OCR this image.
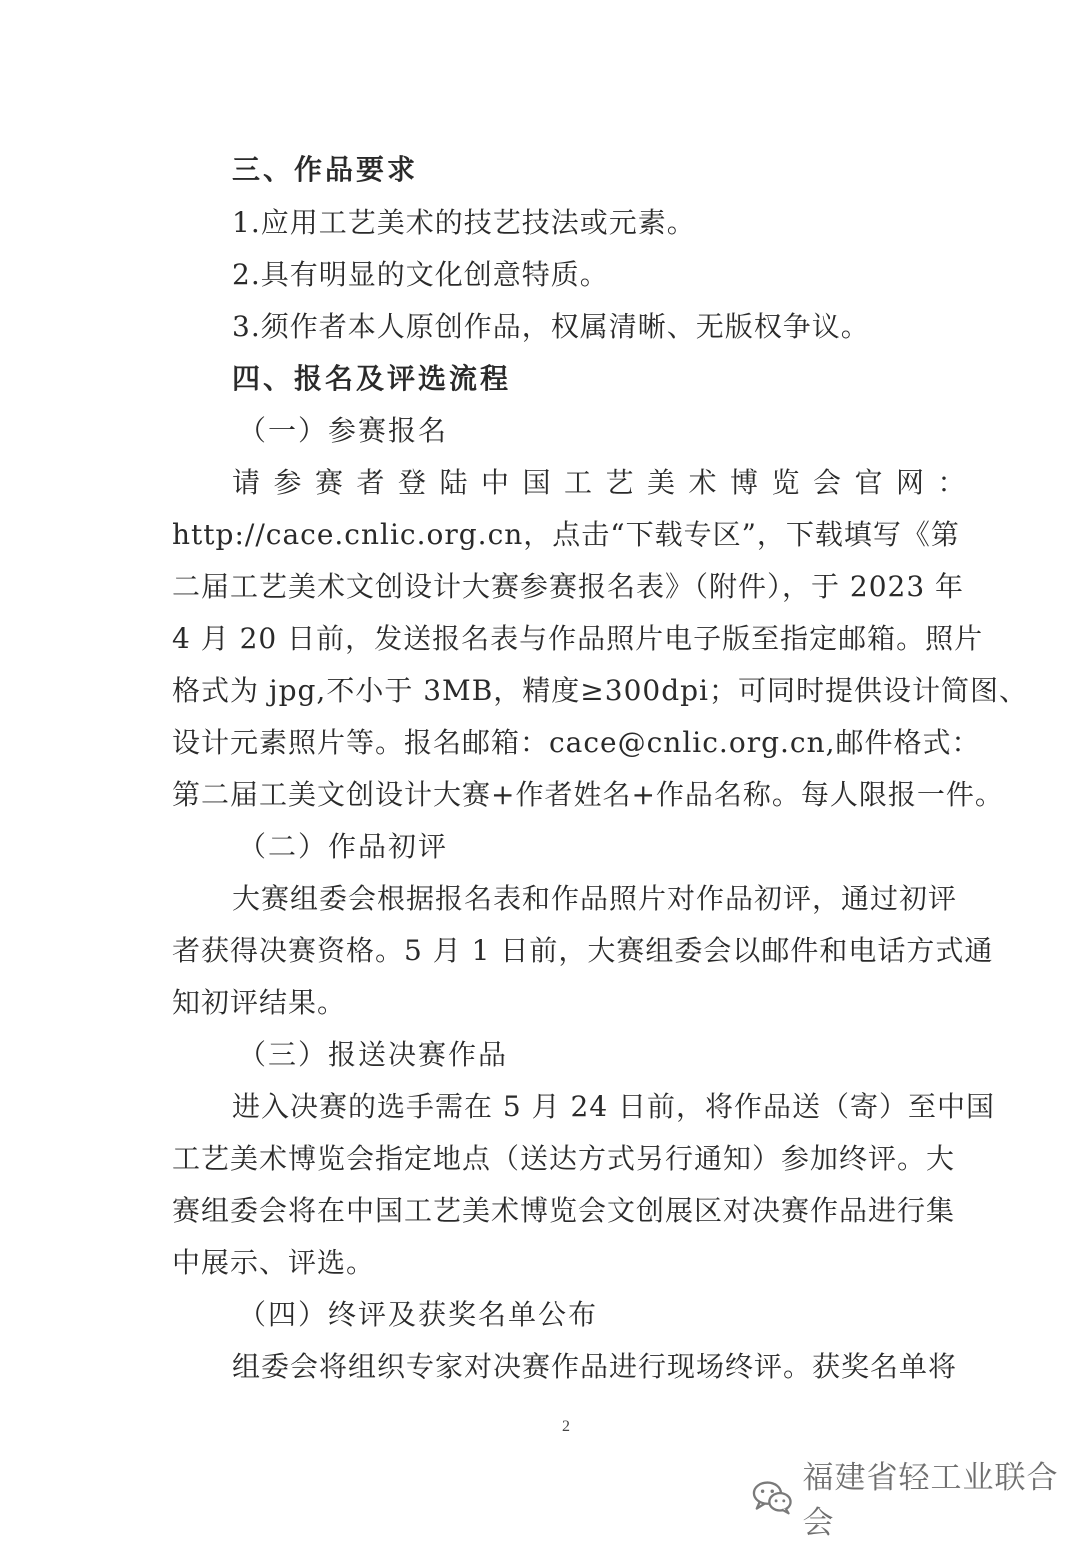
三、作品要求
1.应用工艺美术的技艺技法或元素。
2.具有明显的文化创意特质。
3.须作者本人原创作品，权属清晰、无版权争议。
四、报名及评选流程
（一）参赛报名
请参赛者登陆中国工艺美术博览会官网：
http://cace.cnlic.org.cn，点击“下载专区”，下载填写《第
二届工艺美术文创设计大赛参赛报名表》（附件），于 2023 年
4 月 20 日前，发送报名表与作品照片电子版至指定邮箱。照片
格式为 jpg,不小于 3MB，精度≥300dpi；可同时提供设计简图、
设计元素照片等。报名邮箱：cace@cnlic.org.cn,邮件格式：
第二届工美文创设计大赛+作者姓名+作品名称。每人限报一件。
（二）作品初评
大赛组委会根据报名表和作品照片对作品初评，通过初评
者获得决赛资格。5 月 1 日前，大赛组委会以邮件和电话方式通
知初评结果。
（三）报送决赛作品
进入决赛的选手需在 5 月 24 日前，将作品送（寄）至中国
工艺美术博览会指定地点（送达方式另行通知）参加终评。大
赛组委会将在中国工艺美术博览会文创展区对决赛作品进行集
中展示、评选。
（四）终评及获奖名单公布
组委会将组织专家对决赛作品进行现场终评。获奖名单将
2
福建省轻工业联合会
